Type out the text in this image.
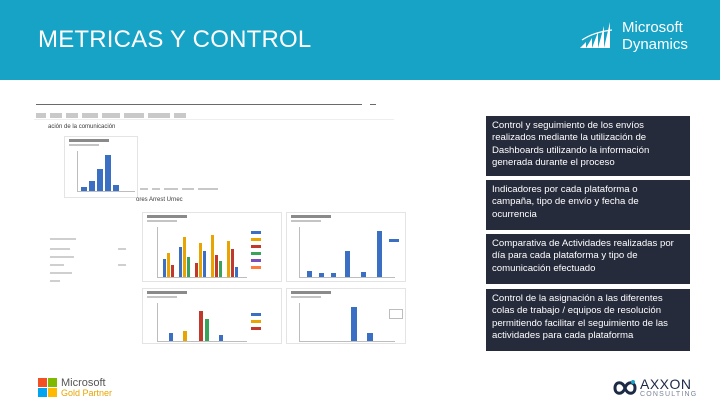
METRICAS Y CONTROL	Microsoft
Dynamics
ación de la comunicación
ores Arrest Urnec
Control y seguimiento de los envíos
realizados mediante la utilización de
Dashboards utilizando la información
generada durante el proceso
Indicadores por cada plataforma o
campaña, tipo de envío y fecha de
ocurrencia
Comparativa de Actividades realizadas por
día para cada plataforma y tipo de
comunicación efectuado
Control de la asignación a las diferentes
colas de trabajo / equipos de resolución
permitiendo facilitar el seguimiento de las
actividades para cada plataforma
Microsoft
Gold Partner
AXXON
CONSULTING
